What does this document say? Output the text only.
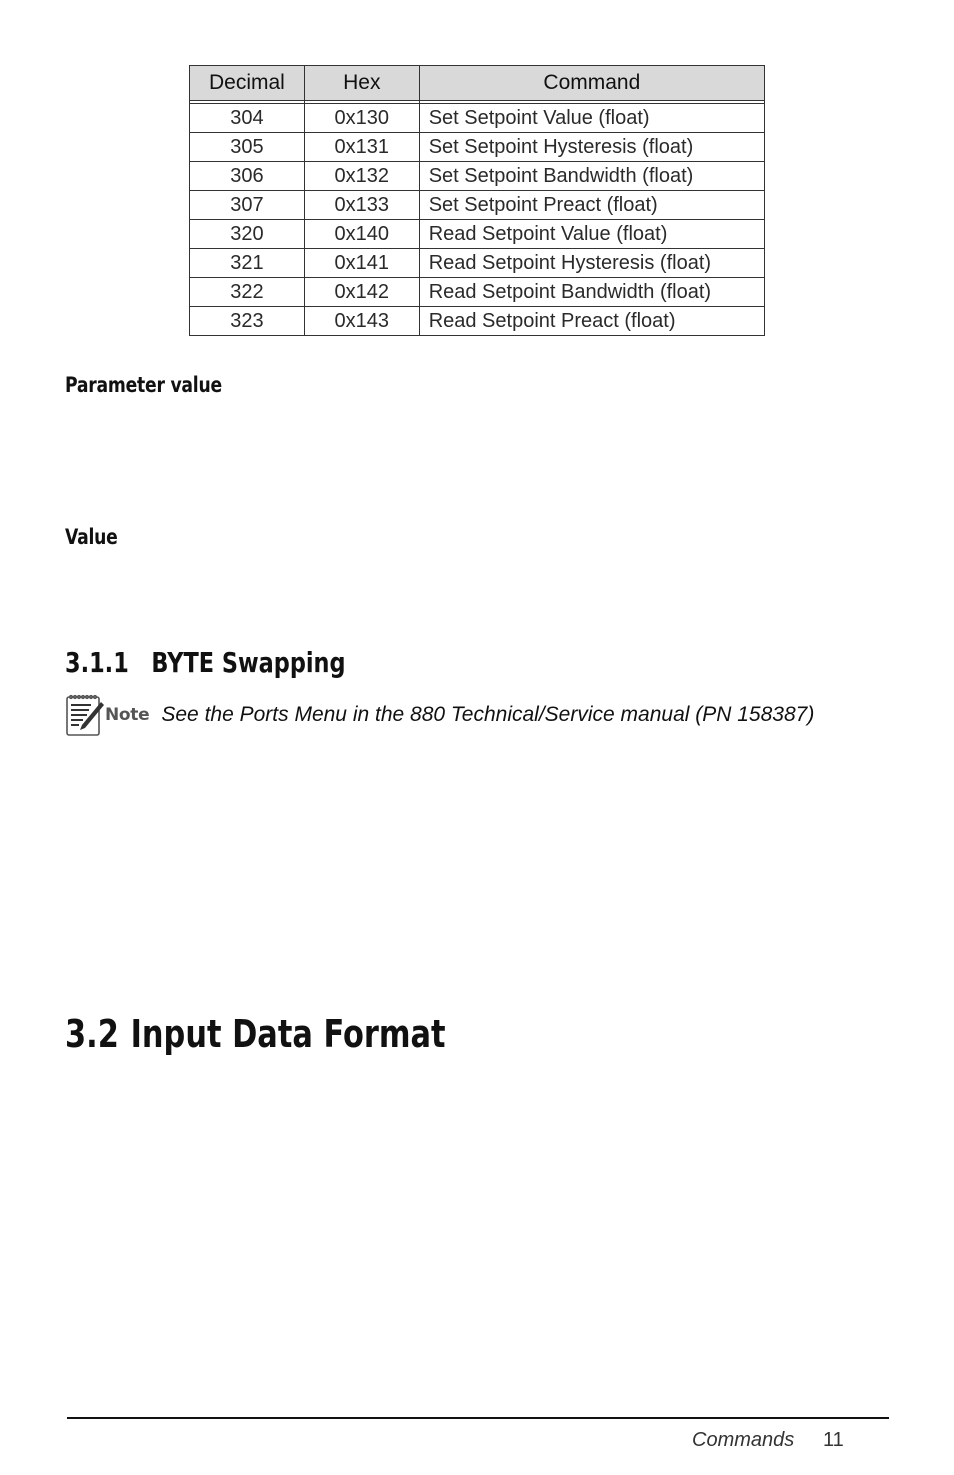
Decimal	Hex	Command

304	0x130	Set Setpoint Value (float)
305	0x131	Set Setpoint Hysteresis (float)
306	0x132	Set Setpoint Bandwidth (float)
307	0x133	Set Setpoint Preact (float)
320	0x140	Read Setpoint Value (float)
321	0x141	Read Setpoint Hysteresis (float)
322	0x142	Read Setpoint Bandwidth (float)
323	0x143	Read Setpoint Preact (float)
Parameter value
Value
3.1.1 BYTE Swapping
Note See the Ports Menu in the 880 Technical/Service manual (PN 158387)
3.2 Input Data Format
Commands 11
